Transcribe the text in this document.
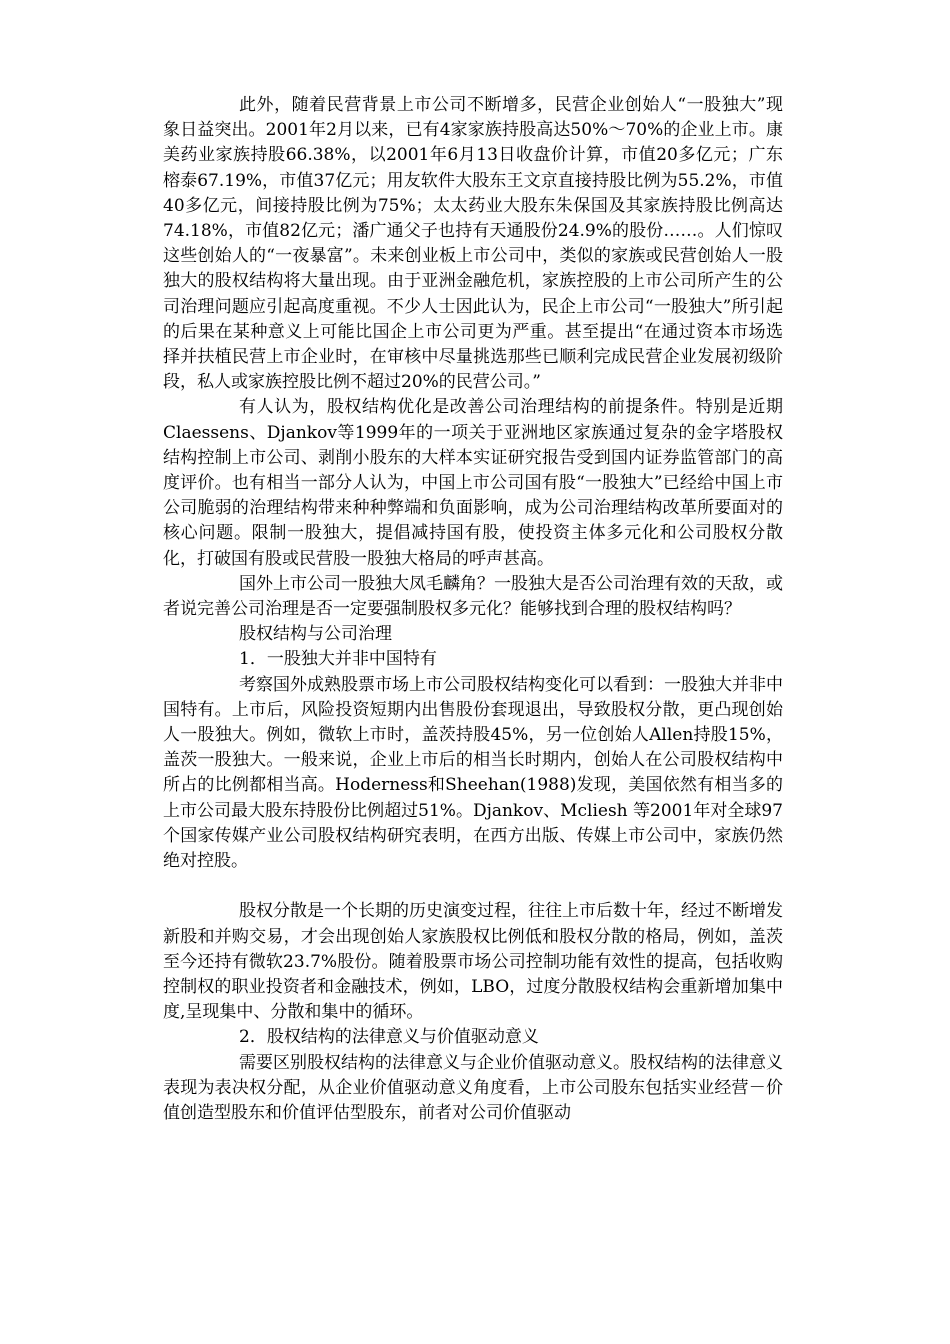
此外，随着民营背景上市公司不断增多，民营企业创始人“一股独大”现象日益突出。2001年2月以来，已有4家家族持股高达50%～70%的企业上市。康美药业家族持股66.38%，以2001年6月13日收盘价计算，市值20多亿元；广东榕泰67.19%，市值37亿元；用友软件大股东王文京直接持股比例为55.2%，市值40多亿元，间接持股比例为75%；太太药业大股东朱保国及其家族持股比例高达74.18%，市值82亿元；潘广通父子也持有天通股份24.9%的股份……。人们惊叹这些创始人的“一夜暴富”。未来创业板上市公司中，类似的家族或民营创始人一股独大的股权结构将大量出现。由于亚洲金融危机，家族控股的上市公司所产生的公司治理问题应引起高度重视。不少人士因此认为，民企上市公司“一股独大”所引起的后果在某种意义上可能比国企上市公司更为严重。甚至提出“在通过资本市场选择并扶植民营上市企业时，在审核中尽量挑选那些已顺利完成民营企业发展初级阶段，私人或家族控股比例不超过20%的民营公司。”

有人认为，股权结构优化是改善公司治理结构的前提条件。特别是近期Claessens、Djankov等1999年的一项关于亚洲地区家族通过复杂的金字塔股权结构控制上市公司、剥削小股东的大样本实证研究报告受到国内证券监管部门的高度评价。也有相当一部分人认为，中国上市公司国有股“一股独大”已经给中国上市公司脆弱的治理结构带来种种弊端和负面影响，成为公司治理结构改革所要面对的核心问题。限制一股独大，提倡减持国有股，使投资主体多元化和公司股权分散化，打破国有股或民营股一股独大格局的呼声甚高。

国外上市公司一股独大凤毛麟角？一股独大是否公司治理有效的天敌，或者说完善公司治理是否一定要强制股权多元化？能够找到合理的股权结构吗？

股权结构与公司治理

1．一股独大并非中国特有

考察国外成熟股票市场上市公司股权结构变化可以看到：一股独大并非中国特有。上市后，风险投资短期内出售股份套现退出，导致股权分散，更凸现创始人一股独大。例如，微软上市时，盖茨持股45%，另一位创始人Allen持股15%，盖茨一股独大。一般来说，企业上市后的相当长时期内，创始人在公司股权结构中所占的比例都相当高。Hoderness和Sheehan(1988)发现，美国依然有相当多的上市公司最大股东持股份比例超过51%。Djankov、Mcliesh 等2001年对全球97个国家传媒产业公司股权结构研究表明，在西方出版、传媒上市公司中，家族仍然绝对控股。

股权分散是一个长期的历史演变过程，往往上市后数十年，经过不断增发新股和并购交易，才会出现创始人家族股权比例低和股权分散的格局，例如，盖茨至今还持有微软23.7%股份。随着股票市场公司控制功能有效性的提高，包括收购控制权的职业投资者和金融技术，例如，LBO，过度分散股权结构会重新增加集中度,呈现集中、分散和集中的循环。

2．股权结构的法律意义与价值驱动意义

需要区别股权结构的法律意义与企业价值驱动意义。股权结构的法律意义表现为表决权分配，从企业价值驱动意义角度看，上市公司股东包括实业经营－价值创造型股东和价值评估型股东，前者对公司价值驱动
